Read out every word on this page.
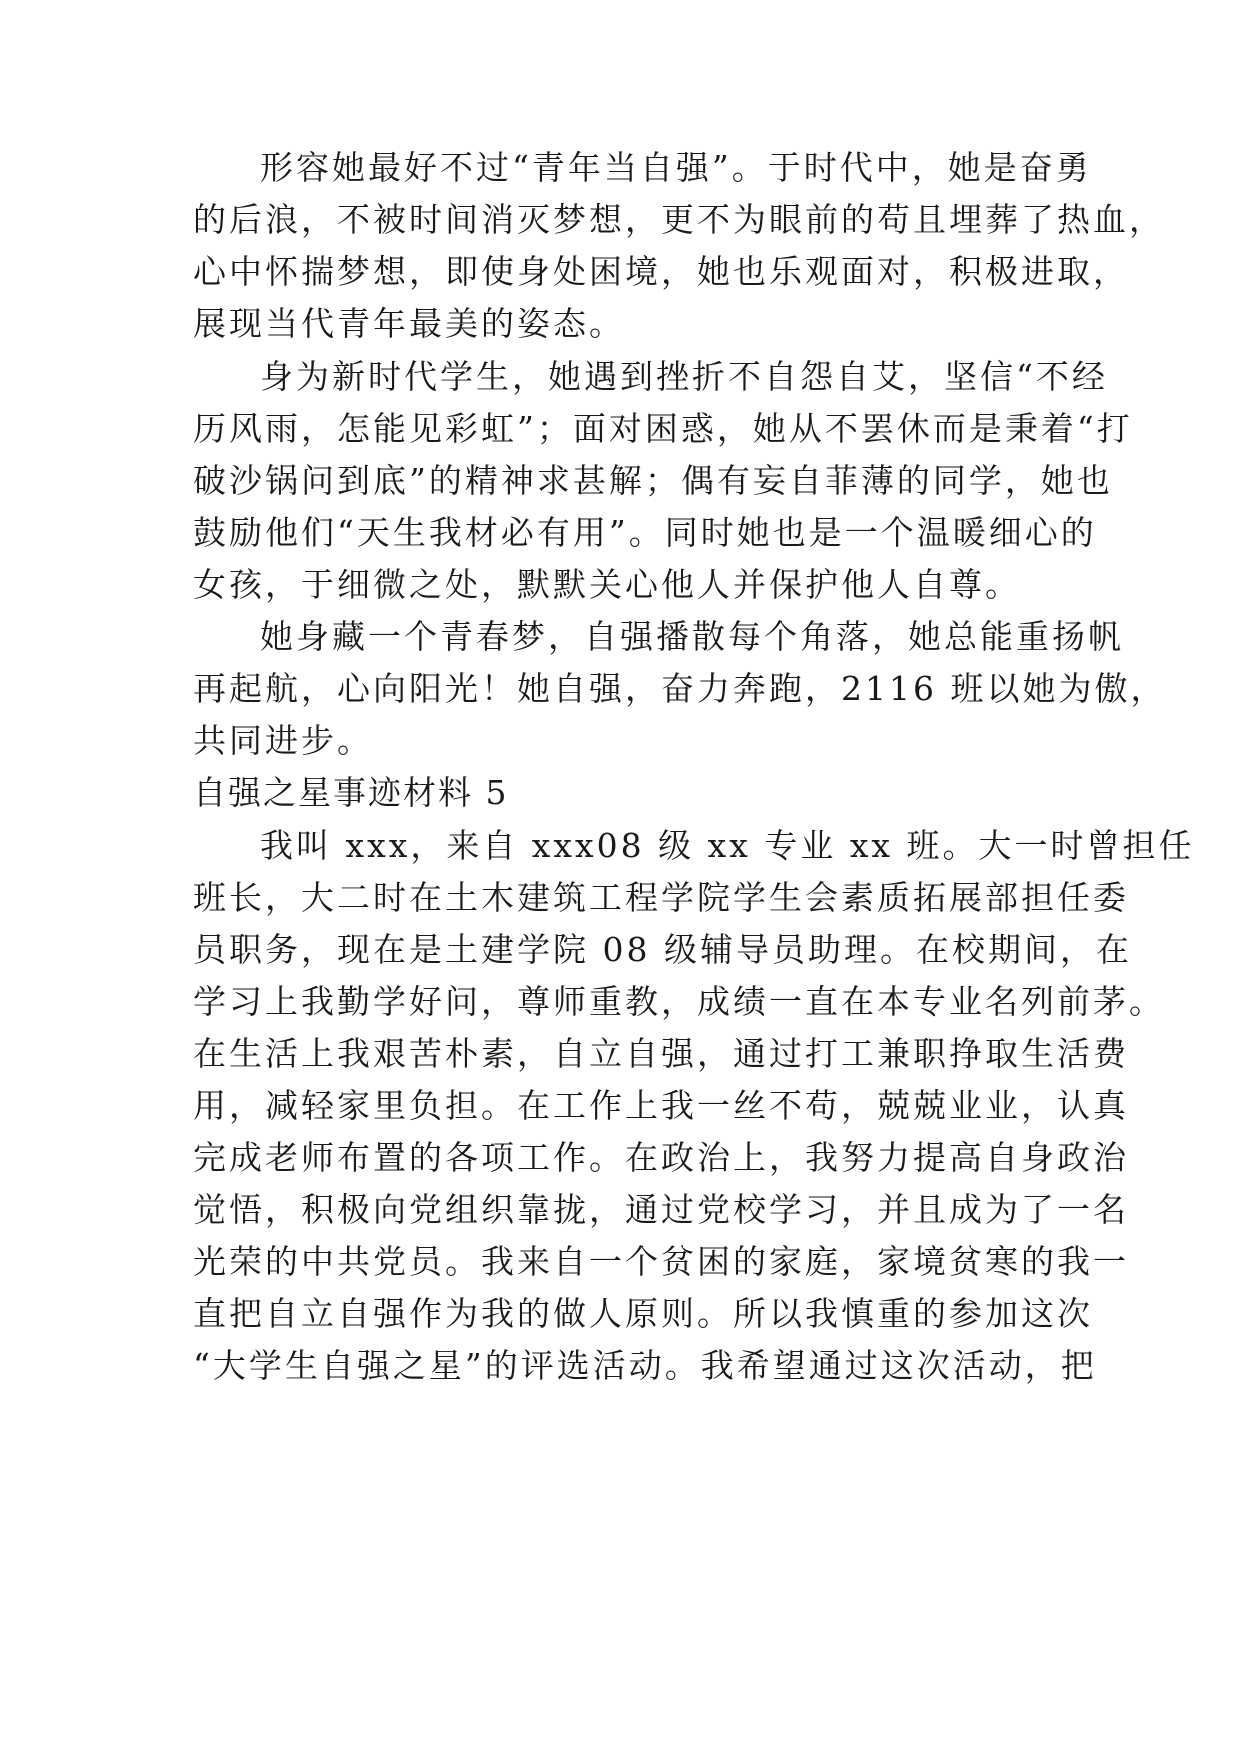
形容她最好不过“青年当自强”。于时代中，她是奋勇
的后浪，不被时间消灭梦想，更不为眼前的苟且埋葬了热血，
心中怀揣梦想，即使身处困境，她也乐观面对，积极进取，
展现当代青年最美的姿态。
身为新时代学生，她遇到挫折不自怨自艾，坚信“不经
历风雨，怎能见彩虹”；面对困惑，她从不罢休而是秉着“打
破沙锅问到底”的精神求甚解；偶有妄自菲薄的同学，她也
鼓励他们“天生我材必有用”。同时她也是一个温暖细心的
女孩，于细微之处，默默关心他人并保护他人自尊。
她身藏一个青春梦，自强播散每个角落，她总能重扬帆
再起航，心向阳光！她自强，奋力奔跑，2116 班以她为傲，
共同进步。
自强之星事迹材料 5
我叫 xxx，来自 xxx08 级 xx 专业 xx 班。大一时曾担任
班长，大二时在土木建筑工程学院学生会素质拓展部担任委
员职务，现在是土建学院 08 级辅导员助理。在校期间，在
学习上我勤学好问，尊师重教，成绩一直在本专业名列前茅。
在生活上我艰苦朴素，自立自强，通过打工兼职挣取生活费
用，减轻家里负担。在工作上我一丝不苟，兢兢业业，认真
完成老师布置的各项工作。在政治上，我努力提高自身政治
觉悟，积极向党组织靠拢，通过党校学习，并且成为了一名
光荣的中共党员。我来自一个贫困的家庭，家境贫寒的我一
直把自立自强作为我的做人原则。所以我慎重的参加这次
“大学生自强之星”的评选活动。我希望通过这次活动，把
